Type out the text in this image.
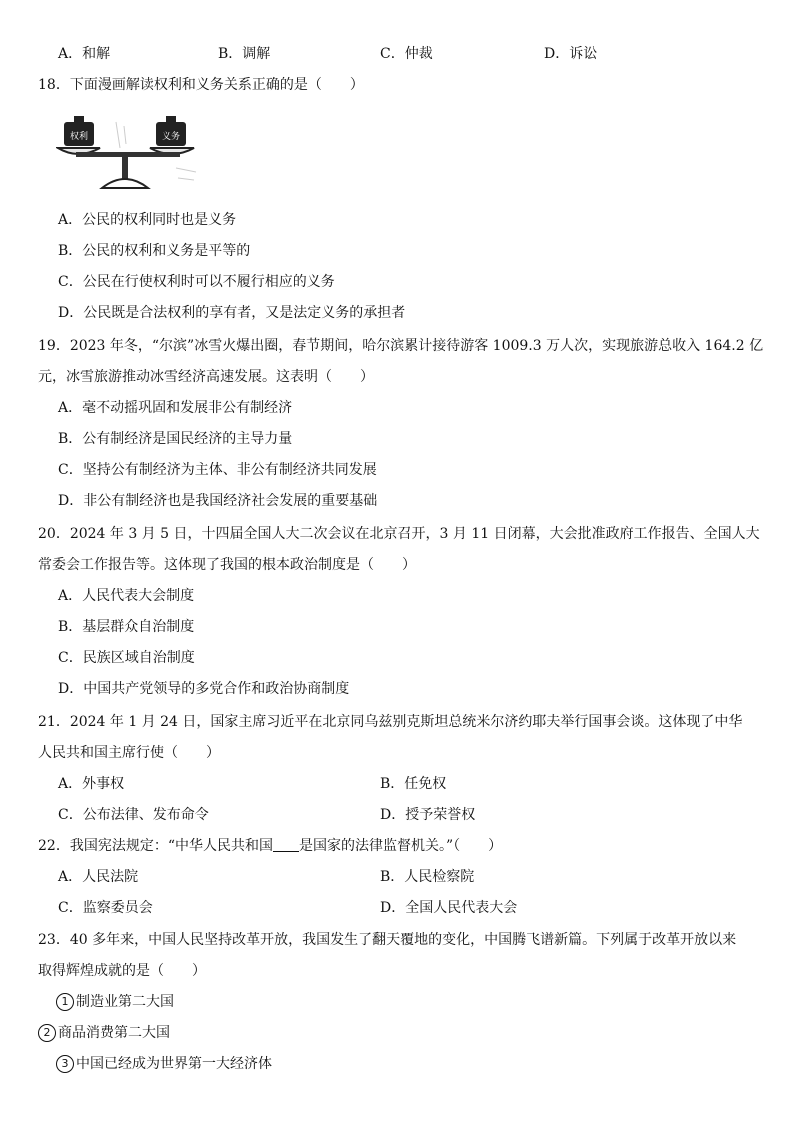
A．和解	B．调解	C．仲裁	D．诉讼
18．下面漫画解读权利和义务关系正确的是（　　）
权利	义务
A．公民的权利同时也是义务
B．公民的权利和义务是平等的
C．公民在行使权利时可以不履行相应的义务
D．公民既是合法权利的享有者，又是法定义务的承担者
19．2023 年冬，“尔滨”冰雪火爆出圈，春节期间，哈尔滨累计接待游客 1009.3 万人次，实现旅游总收入 164.2 亿
元，冰雪旅游推动冰雪经济高速发展。这表明（　　）
A．毫不动摇巩固和发展非公有制经济
B．公有制经济是国民经济的主导力量
C．坚持公有制经济为主体、非公有制经济共同发展
D．非公有制经济也是我国经济社会发展的重要基础
20．2024 年 3 月 5 日，十四届全国人大二次会议在北京召开，3 月 11 日闭幕，大会批准政府工作报告、全国人大
常委会工作报告等。这体现了我国的根本政治制度是（　　）
A．人民代表大会制度
B．基层群众自治制度
C．民族区域自治制度
D．中国共产党领导的多党合作和政治协商制度
21．2024 年 1 月 24 日，国家主席习近平在北京同乌兹别克斯坦总统米尔济约耶夫举行国事会谈。这体现了中华
人民共和国主席行使（　　）
A．外事权	B．任免权
C．公布法律、发布命令	D．授予荣誉权
22．我国宪法规定：“中华人民共和国 是国家的法律监督机关。”（　　）
A．人民法院	B．人民检察院
C．监察委员会	D．全国人民代表大会
23．40 多年来，中国人民坚持改革开放，我国发生了翻天覆地的变化，中国腾飞谱新篇。下列属于改革开放以来
取得辉煌成就的是（　　）
1 制造业第二大国
2 商品消费第二大国
3 中国已经成为世界第一大经济体
